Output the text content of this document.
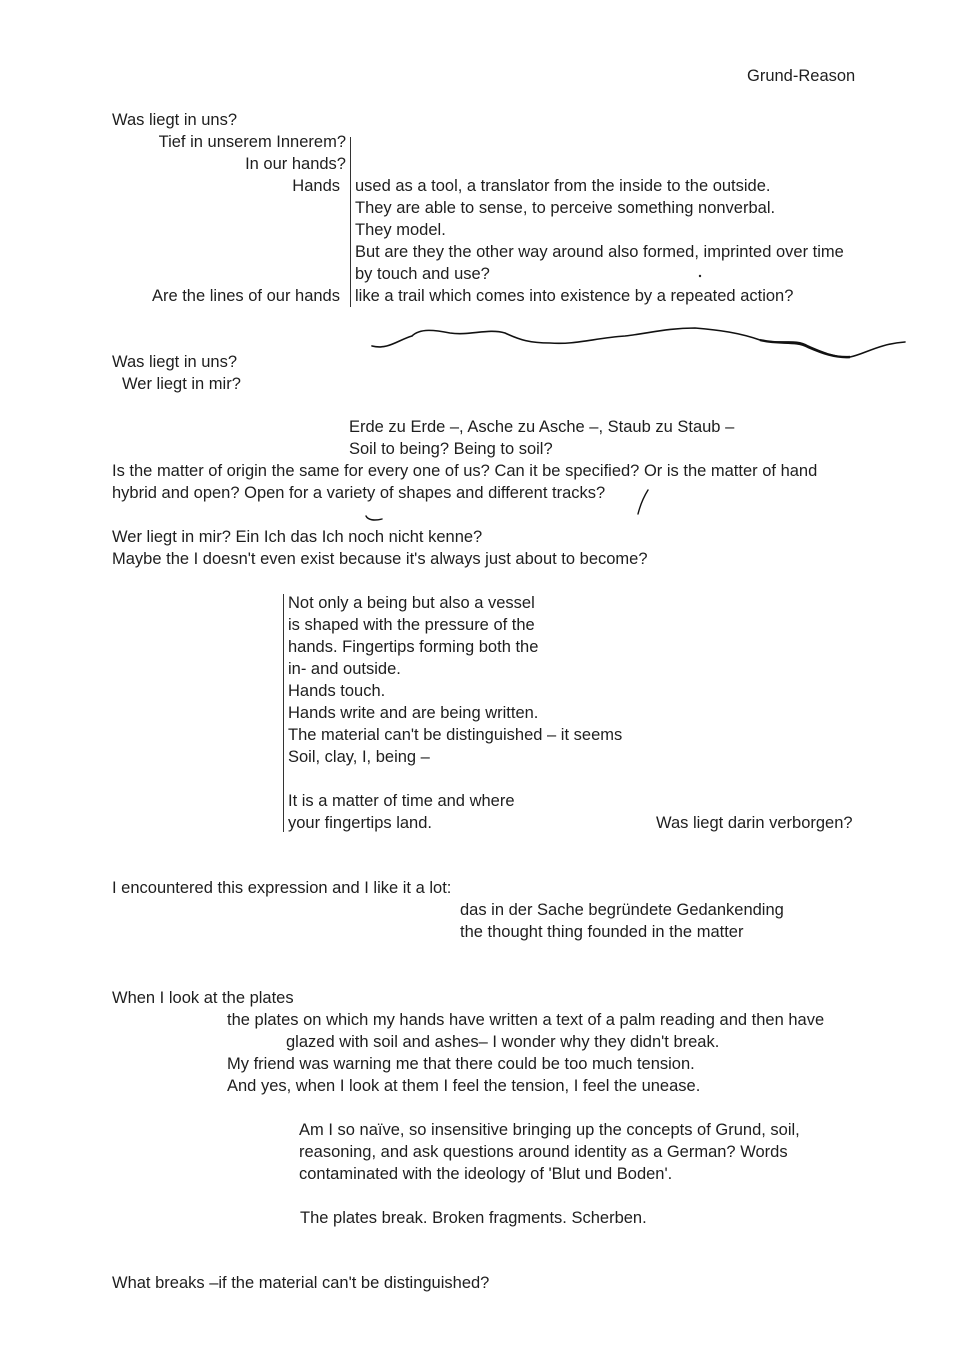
Grund-Reason
Was liegt in uns?
Tief in unserem Innerem?
In our hands?
Hands used as a tool, a translator from the inside to the outside.
They are able to sense, to perceive something nonverbal.
They model.
But are they the other way around also formed, imprinted over time
by touch and use?
Are the lines of our hands like a trail which comes into existence by a repeated action?
Was liegt in uns?
Wer liegt in mir?
Erde zu Erde –, Asche zu Asche –, Staub zu Staub –
Soil to being? Being to soil?
Is the matter of origin the same for every one of us? Can it be specified? Or is the matter of hand
hybrid and open? Open for a variety of shapes and different tracks?
Wer liegt in mir? Ein Ich das Ich noch nicht kenne?
Maybe the I doesn't even exist because it's always just about to become?
Not only a being but also a vessel
is shaped with the pressure of the
hands. Fingertips forming both the
in- and outside.
Hands touch.
Hands write and are being written.
The material can't be distinguished – it seems
Soil, clay, I, being –
It is a matter of time and where
your fingertips land.	Was liegt darin verborgen?
I encountered this expression and I like it a lot:
das in der Sache begründete Gedankending
the thought thing founded in the matter
When I look at the plates
the plates on which my hands have written a text of a palm reading and then have
glazed with soil and ashes– I wonder why they didn't break.
My friend was warning me that there could be too much tension.
And yes, when I look at them I feel the tension, I feel the unease.
Am I so naïve, so insensitive bringing up the concepts of Grund, soil,
reasoning, and ask questions around identity as a German? Words
contaminated with the ideology of 'Blut und Boden'.
The plates break. Broken fragments. Scherben.
What breaks –if the material can't be distinguished?
